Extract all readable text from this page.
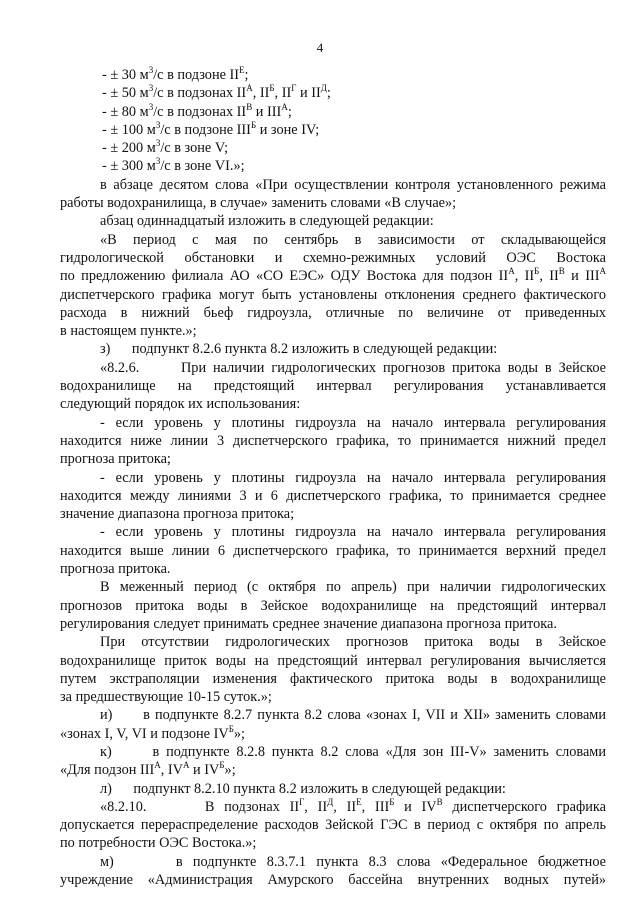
4
- ± 30 $м^3/с$ в подзоне $II^Е$;
- ± 50 $м^3/с$ в подзонах $II^А$, $II^Б$, $II^Г$ и $II^Д$;
- ± 80 $м^3/с$ в подзонах $II^В$ и $III^А$;
- ± 100 $м^3/с$ в подзоне $III^Б$ и зоне IV;
- ± 200 $м^3/с$ в зоне V;
- ± 300 $м^3/с$ в зоне VI.»;
в абзаце десятом слова «При осуществлении контроля установленного режима
работы водохранилища, в случае» заменить словами «В случае»;
абзац одиннадцатый изложить в следующей редакции:
«В период с мая по сентябрь в зависимости от складывающейся
гидрологической обстановки и схемно-режимных условий ОЭС Востока
по предложению филиала АО «СО ЕЭС» ОДУ Востока для подзон $II^А$, $II^Б$, $II^В$ и $III^А$
диспетчерского графика могут быть установлены отклонения среднего фактического
расхода в нижний бьеф гидроузла, отличные по величине от приведенных
в настоящем пункте.»;
з)      подпункт 8.2.6 пункта 8.2 изложить в следующей редакции:
«8.2.6.      При наличии гидрологических прогнозов притока воды в Зейское
водохранилище на предстоящий интервал регулирования устанавливается
следующий порядок их использования:
- если уровень у плотины гидроузла на начало интервала регулирования
находится ниже линии 3 диспетчерского графика, то принимается нижний предел
прогноза притока;
- если уровень у плотины гидроузла на начало интервала регулирования
находится между линиями 3 и 6 диспетчерского графика, то принимается среднее
значение диапазона прогноза притока;
- если уровень у плотины гидроузла на начало интервала регулирования
находится выше линии 6 диспетчерского графика, то принимается верхний предел
прогноза притока.
В меженный период (с октября по апрель) при наличии гидрологических
прогнозов притока воды в Зейское водохранилище на предстоящий интервал
регулирования следует принимать среднее значение диапазона прогноза притока.
При отсутствии гидрологических прогнозов притока воды в Зейское
водохранилище приток воды на предстоящий интервал регулирования вычисляется
путем экстраполяции изменения фактического притока воды в водохранилище
за предшествующие 10-15 суток.»;
и)      в подпункте 8.2.7 пункта 8.2 слова «зонах I, VII и XII» заменить словами
«зонах I, V, VI и подзоне $IV^Б$»;
к)      в подпункте 8.2.8 пункта 8.2 слова «Для зон III-V» заменить словами
«Для подзон $III^А$, $IV^А$ и $IV^Б$»;
л)      подпункт 8.2.10 пункта 8.2 изложить в следующей редакции:
«8.2.10.      В подзонах $II^Г$, $II^Д$, $II^Е$, $III^Б$ и $IV^В$ диспетчерского графика
допускается перераспределение расходов Зейской ГЭС в период с октября по апрель
по потребности ОЭС Востока.»;
м)      в подпункте 8.3.7.1 пункта 8.3 слова «Федеральное бюджетное
учреждение «Администрация Амурского бассейна внутренних водных путей»
